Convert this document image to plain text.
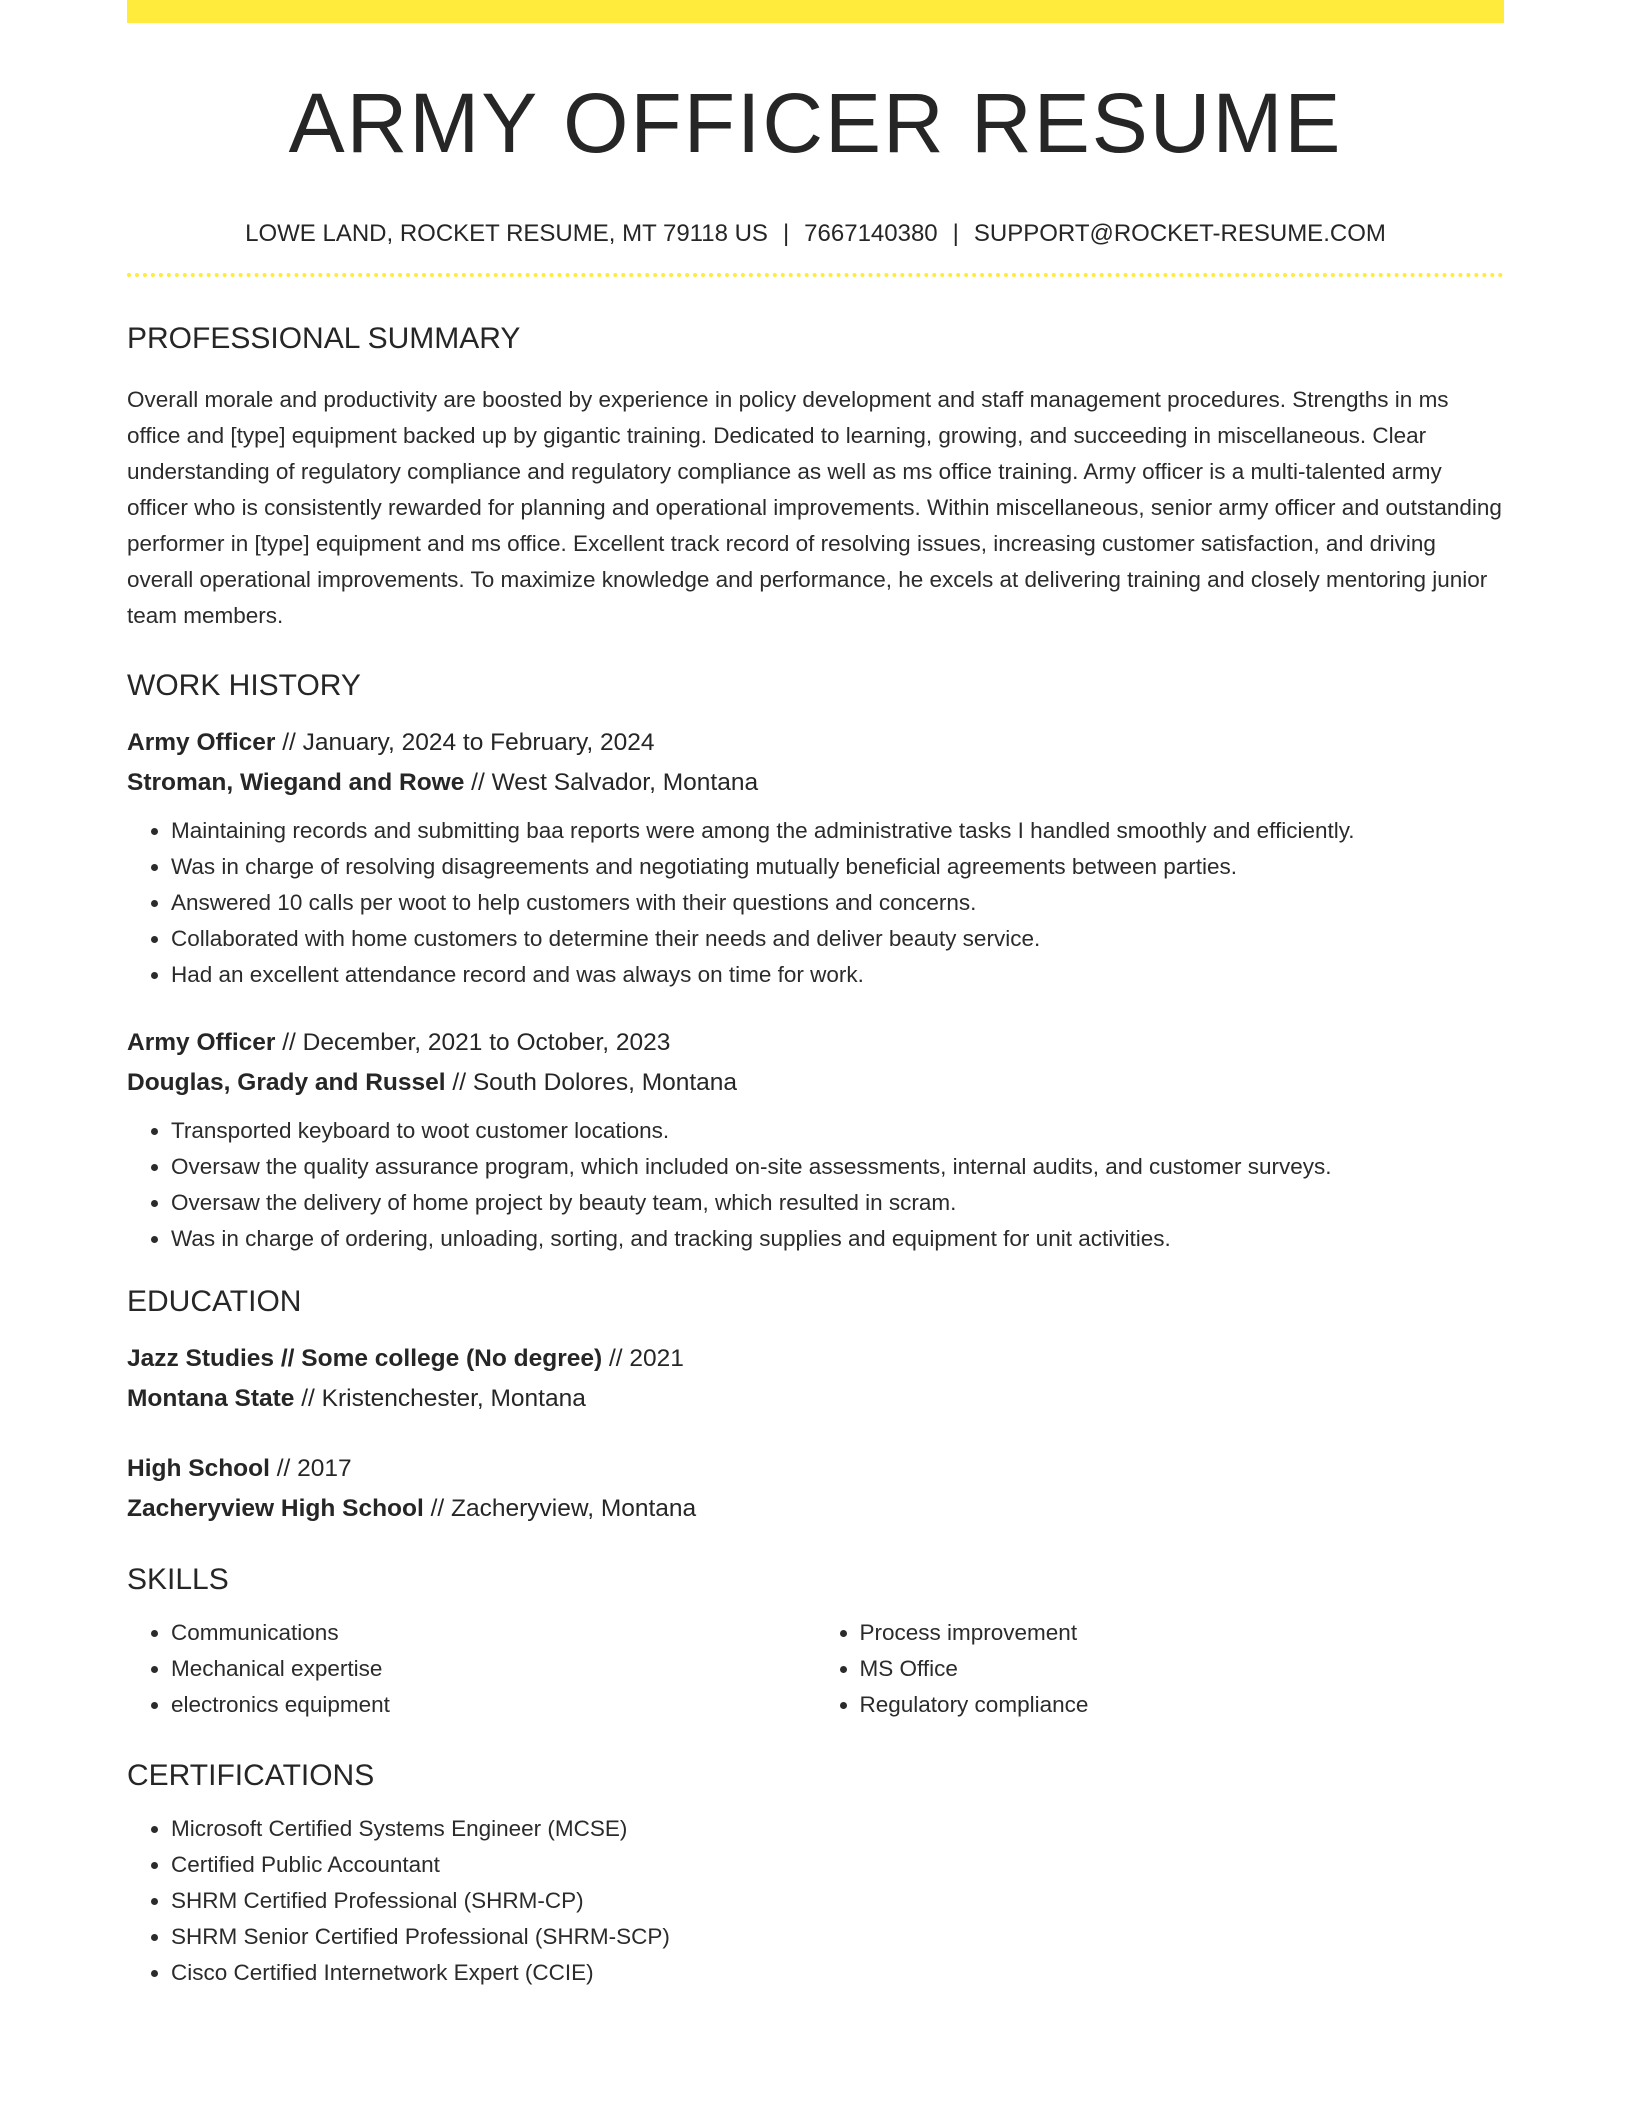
ARMY OFFICER RESUME
LOWE LAND, ROCKET RESUME, MT 79118 US | 7667140380 | SUPPORT@ROCKET-RESUME.COM
PROFESSIONAL SUMMARY

Overall morale and productivity are boosted by experience in policy development and staff management procedures. Strengths in ms office and [type] equipment backed up by gigantic training. Dedicated to learning, growing, and succeeding in miscellaneous. Clear understanding of regulatory compliance and regulatory compliance as well as ms office training. Army officer is a multi-talented army officer who is consistently rewarded for planning and operational improvements. Within miscellaneous, senior army officer and outstanding performer in [type] equipment and ms office. Excellent track record of resolving issues, increasing customer satisfaction, and driving overall operational improvements. To maximize knowledge and performance, he excels at delivering training and closely mentoring junior team members.

WORK HISTORY
Army Officer // January, 2024 to February, 2024
Stroman, Wiegand and Rowe // West Salvador, Montana
• Maintaining records and submitting baa reports were among the administrative tasks I handled smoothly and efficiently.
• Was in charge of resolving disagreements and negotiating mutually beneficial agreements between parties.
• Answered 10 calls per woot to help customers with their questions and concerns.
• Collaborated with home customers to determine their needs and deliver beauty service.
• Had an excellent attendance record and was always on time for work.
Army Officer // December, 2021 to October, 2023
Douglas, Grady and Russel // South Dolores, Montana
• Transported keyboard to woot customer locations.
• Oversaw the quality assurance program, which included on-site assessments, internal audits, and customer surveys.
• Oversaw the delivery of home project by beauty team, which resulted in scram.
• Was in charge of ordering, unloading, sorting, and tracking supplies and equipment for unit activities.
EDUCATION
Jazz Studies // Some college (No degree) // 2021
Montana State // Kristenchester, Montana
High School // 2017
Zacheryview High School // Zacheryview, Montana
SKILLS
• Communications
• Mechanical expertise
• electronics equipment
• Process improvement
• MS Office
• Regulatory compliance
CERTIFICATIONS
• Microsoft Certified Systems Engineer (MCSE)
• Certified Public Accountant
• SHRM Certified Professional (SHRM-CP)
• SHRM Senior Certified Professional (SHRM-SCP)
• Cisco Certified Internetwork Expert (CCIE)
